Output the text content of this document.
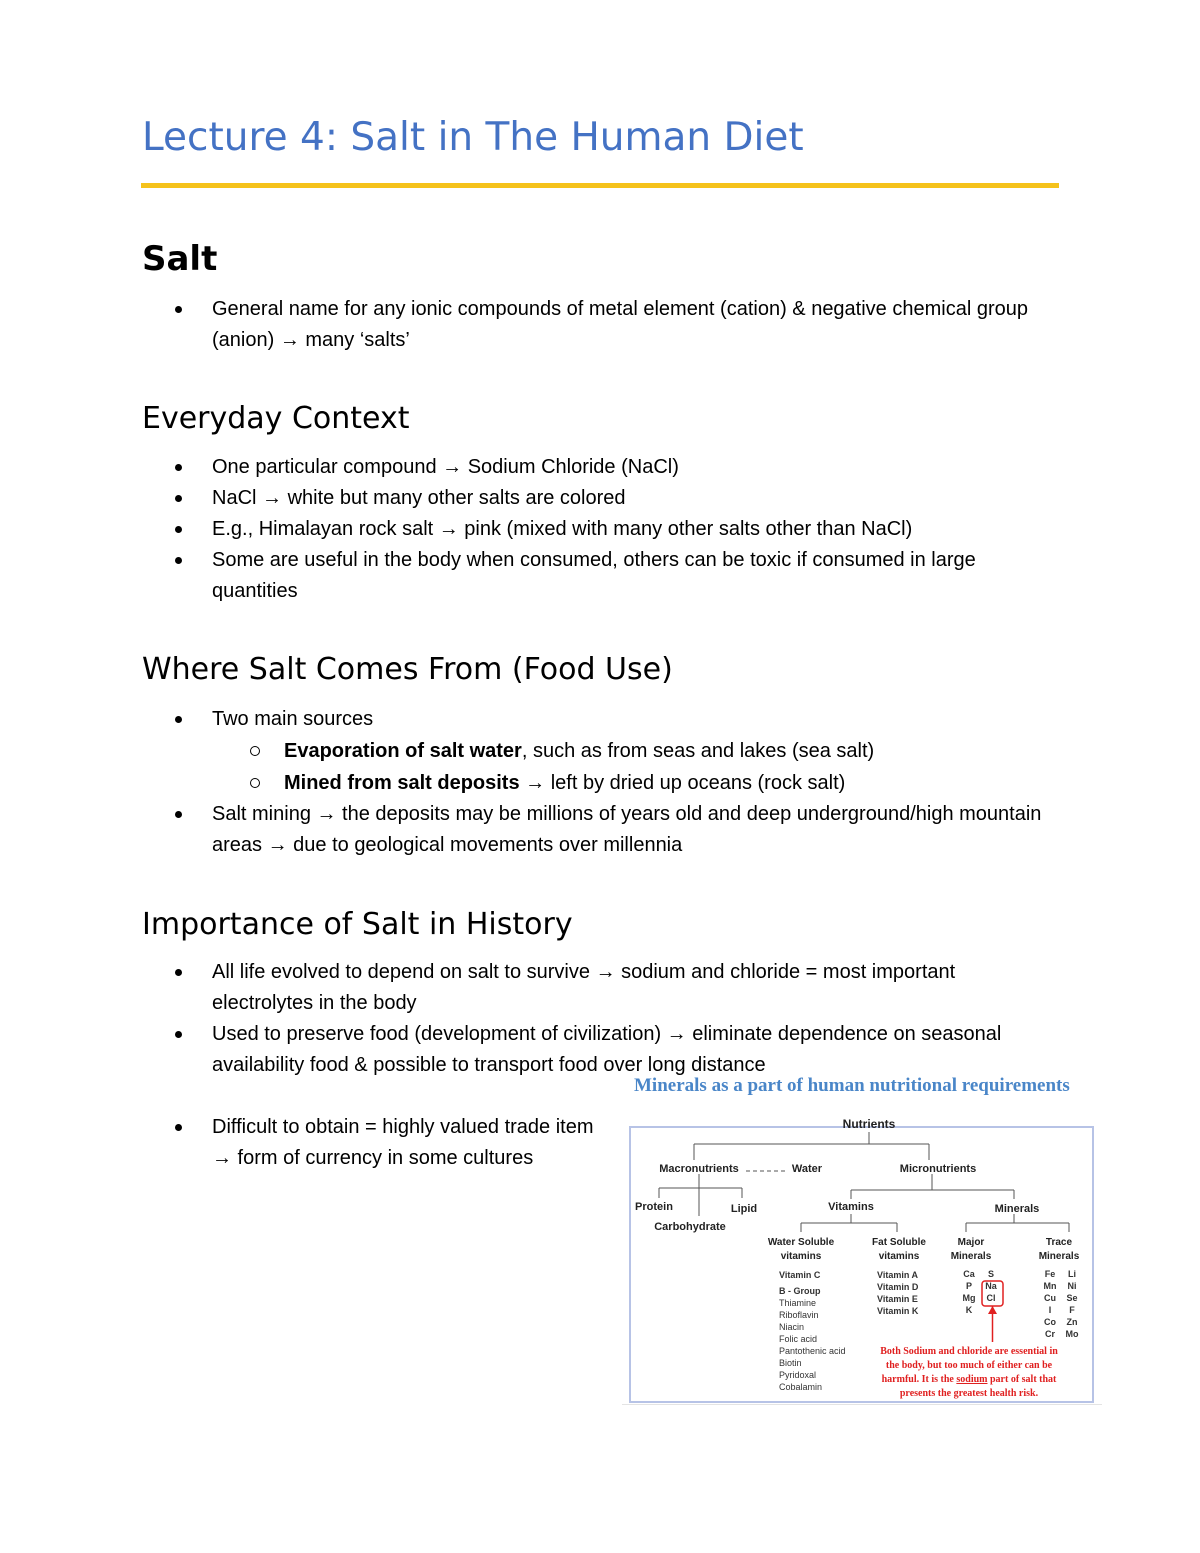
Lecture 4: Salt in The Human Diet
Salt
General name for any ionic compounds of metal element (cation) & negative chemical group (anion) → many ‘salts’
Everyday Context
One particular compound → Sodium Chloride (NaCl)
NaCl → white but many other salts are colored
E.g., Himalayan rock salt → pink (mixed with many other salts other than NaCl)
Some are useful in the body when consumed, others can be toxic if consumed in large quantities
Where Salt Comes From (Food Use)
Two main sources
Evaporation of salt water, such as from seas and lakes (sea salt)
Mined from salt deposits → left by dried up oceans (rock salt)
Salt mining → the deposits may be millions of years old and deep underground/high mountain areas → due to geological movements over millennia
Importance of Salt in History
All life evolved to depend on salt to survive → sodium and chloride = most important electrolytes in the body
Used to preserve food (development of civilization) → eliminate dependence on seasonal availability food & possible to transport food over long distance
Difficult to obtain = highly valued trade item → form of currency in some cultures

Minerals as a part of human nutritional requirements

Nutrients
Macronutrients	Water	Micronutrients
Protein	Lipid
Carbohydrate
Vitamins	Minerals
Water Soluble
vitamins
Fat Soluble
vitamins
Major
Minerals
Trace
Minerals
Vitamin C
B - Group
Thiamine
Riboflavin
Niacin
Folic acid
Pantothenic acid
Biotin
Pyridoxal
Cobalamin
Vitamin A
Vitamin D
Vitamin E
Vitamin K
Ca
P
Mg
K
S
Na
Cl
Fe
Mn
Cu
I
Co
Cr
Li
Ni
Se
F
Zn
Mo
Both Sodium and chloride are essential in
the body, but too much of either can be
harmful. It is the sodium part of salt that
presents the greatest health risk.
